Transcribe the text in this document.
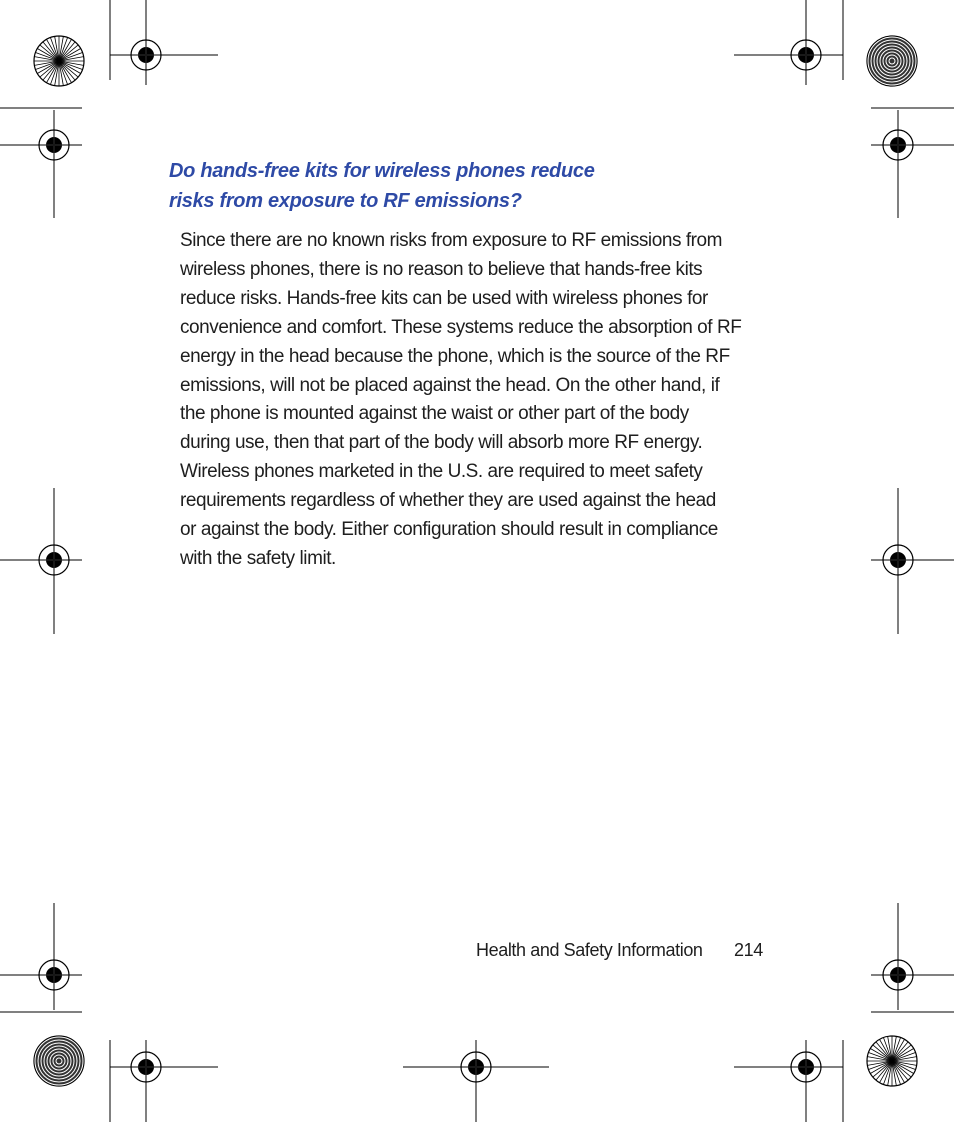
Do hands-free kits for wireless phones reduce
risks from exposure to RF emissions?

Since there are no known risks from exposure to RF emissions from
wireless phones, there is no reason to believe that hands-free kits
reduce risks. Hands-free kits can be used with wireless phones for
convenience and comfort. These systems reduce the absorption of RF
energy in the head because the phone, which is the source of the RF
emissions, will not be placed against the head. On the other hand, if
the phone is mounted against the waist or other part of the body
during use, then that part of the body will absorb more RF energy.
Wireless phones marketed in the U.S. are required to meet safety
requirements regardless of whether they are used against the head
or against the body. Either configuration should result in compliance
with the safety limit.

Health and Safety Information	214
